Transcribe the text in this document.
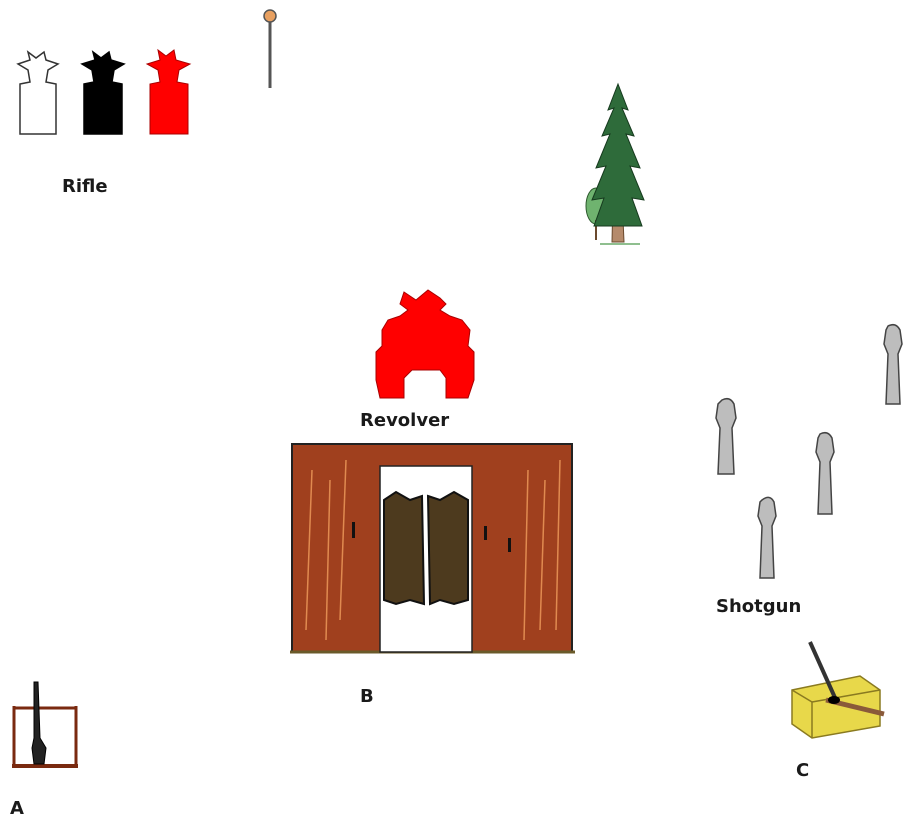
Rifle
Revolver
Shotgun
B
C
A
